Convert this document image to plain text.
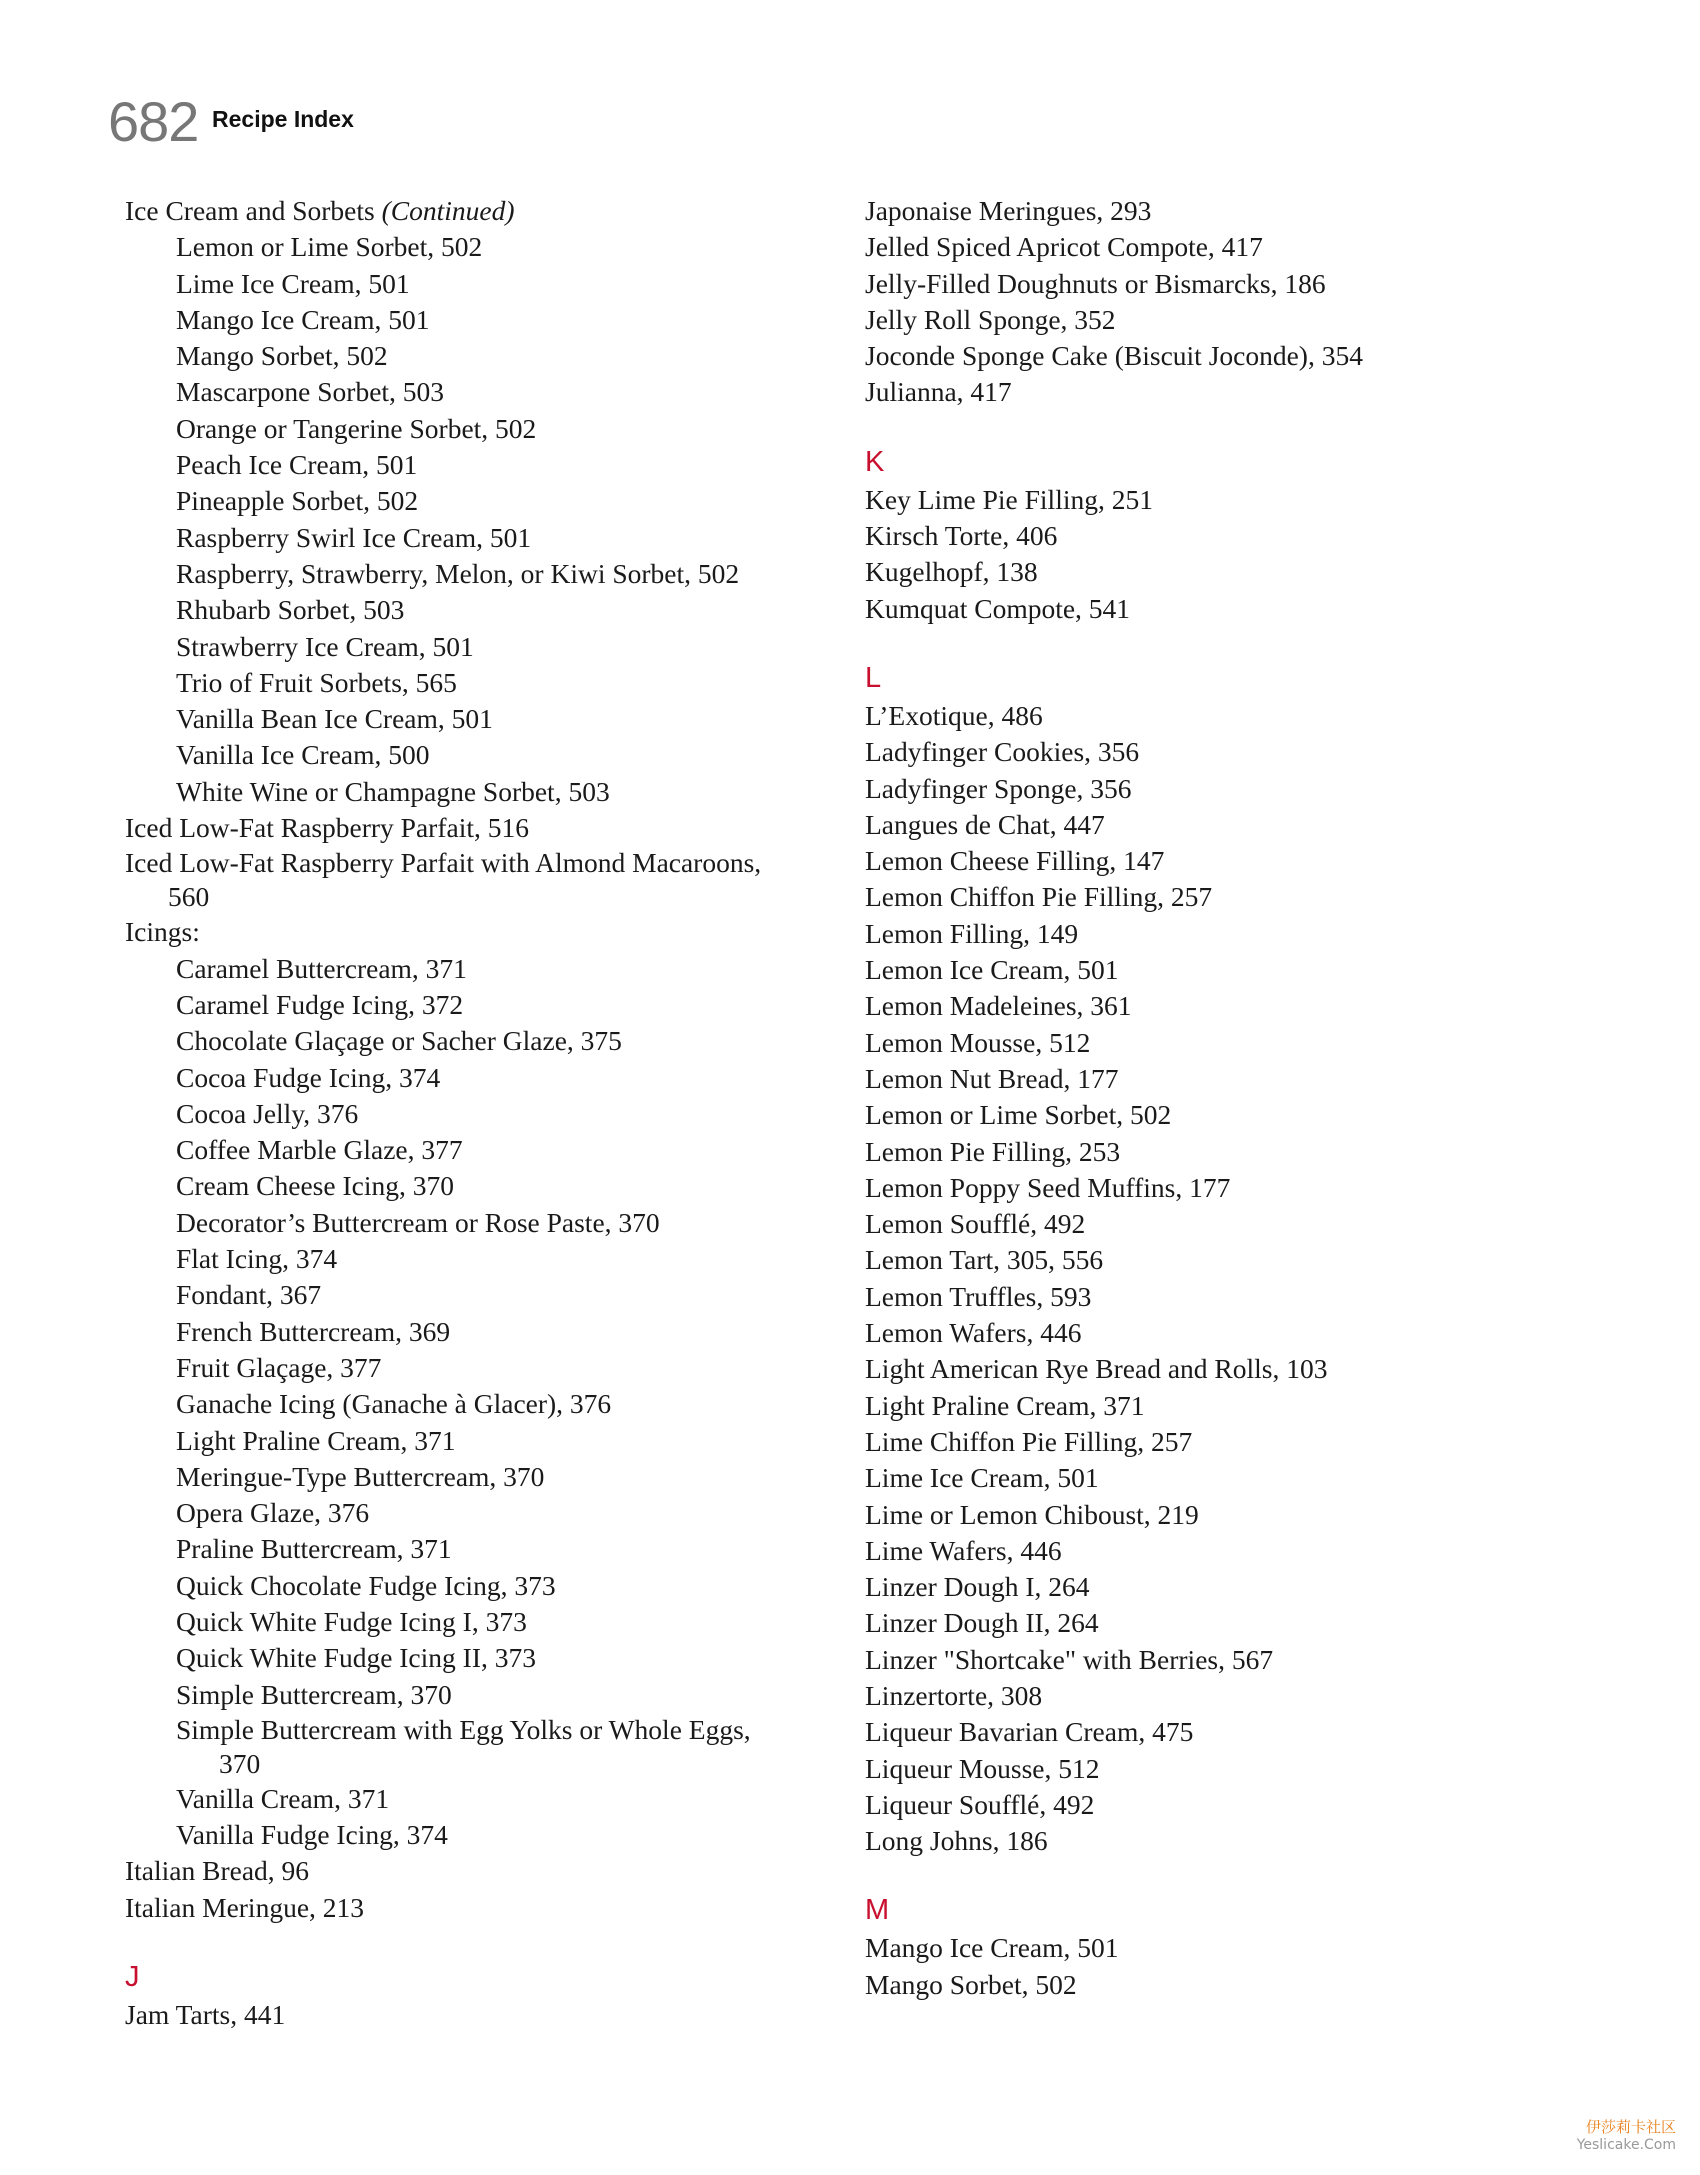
682 Recipe Index
Ice Cream and Sorbets (Continued)
Lemon or Lime Sorbet, 502
Lime Ice Cream, 501
Mango Ice Cream, 501
Mango Sorbet, 502
Mascarpone Sorbet, 503
Orange or Tangerine Sorbet, 502
Peach Ice Cream, 501
Pineapple Sorbet, 502
Raspberry Swirl Ice Cream, 501
Raspberry, Strawberry, Melon, or Kiwi Sorbet, 502
Rhubarb Sorbet, 503
Strawberry Ice Cream, 501
Trio of Fruit Sorbets, 565
Vanilla Bean Ice Cream, 501
Vanilla Ice Cream, 500
White Wine or Champagne Sorbet, 503
Iced Low-Fat Raspberry Parfait, 516
Iced Low-Fat Raspberry Parfait with Almond Macaroons,
560
Icings:
Caramel Buttercream, 371
Caramel Fudge Icing, 372
Chocolate Glaçage or Sacher Glaze, 375
Cocoa Fudge Icing, 374
Cocoa Jelly, 376
Coffee Marble Glaze, 377
Cream Cheese Icing, 370
Decorator’s Buttercream or Rose Paste, 370
Flat Icing, 374
Fondant, 367
French Buttercream, 369
Fruit Glaçage, 377
Ganache Icing (Ganache à Glacer), 376
Light Praline Cream, 371
Meringue-Type Buttercream, 370
Opera Glaze, 376
Praline Buttercream, 371
Quick Chocolate Fudge Icing, 373
Quick White Fudge Icing I, 373
Quick White Fudge Icing II, 373
Simple Buttercream, 370
Simple Buttercream with Egg Yolks or Whole Eggs,
370
Vanilla Cream, 371
Vanilla Fudge Icing, 374
Italian Bread, 96
Italian Meringue, 213
J
Jam Tarts, 441
Japonaise Meringues, 293
Jelled Spiced Apricot Compote, 417
Jelly-Filled Doughnuts or Bismarcks, 186
Jelly Roll Sponge, 352
Joconde Sponge Cake (Biscuit Joconde), 354
Julianna, 417
K
Key Lime Pie Filling, 251
Kirsch Torte, 406
Kugelhopf, 138
Kumquat Compote, 541
L
L’Exotique, 486
Ladyfinger Cookies, 356
Ladyfinger Sponge, 356
Langues de Chat, 447
Lemon Cheese Filling, 147
Lemon Chiffon Pie Filling, 257
Lemon Filling, 149
Lemon Ice Cream, 501
Lemon Madeleines, 361
Lemon Mousse, 512
Lemon Nut Bread, 177
Lemon or Lime Sorbet, 502
Lemon Pie Filling, 253
Lemon Poppy Seed Muffins, 177
Lemon Soufflé, 492
Lemon Tart, 305, 556
Lemon Truffles, 593
Lemon Wafers, 446
Light American Rye Bread and Rolls, 103
Light Praline Cream, 371
Lime Chiffon Pie Filling, 257
Lime Ice Cream, 501
Lime or Lemon Chiboust, 219
Lime Wafers, 446
Linzer Dough I, 264
Linzer Dough II, 264
Linzer "Shortcake" with Berries, 567
Linzertorte, 308
Liqueur Bavarian Cream, 475
Liqueur Mousse, 512
Liqueur Soufflé, 492
Long Johns, 186
M
Mango Ice Cream, 501
Mango Sorbet, 502
伊莎莉卡社区
Yeslicake.Com
